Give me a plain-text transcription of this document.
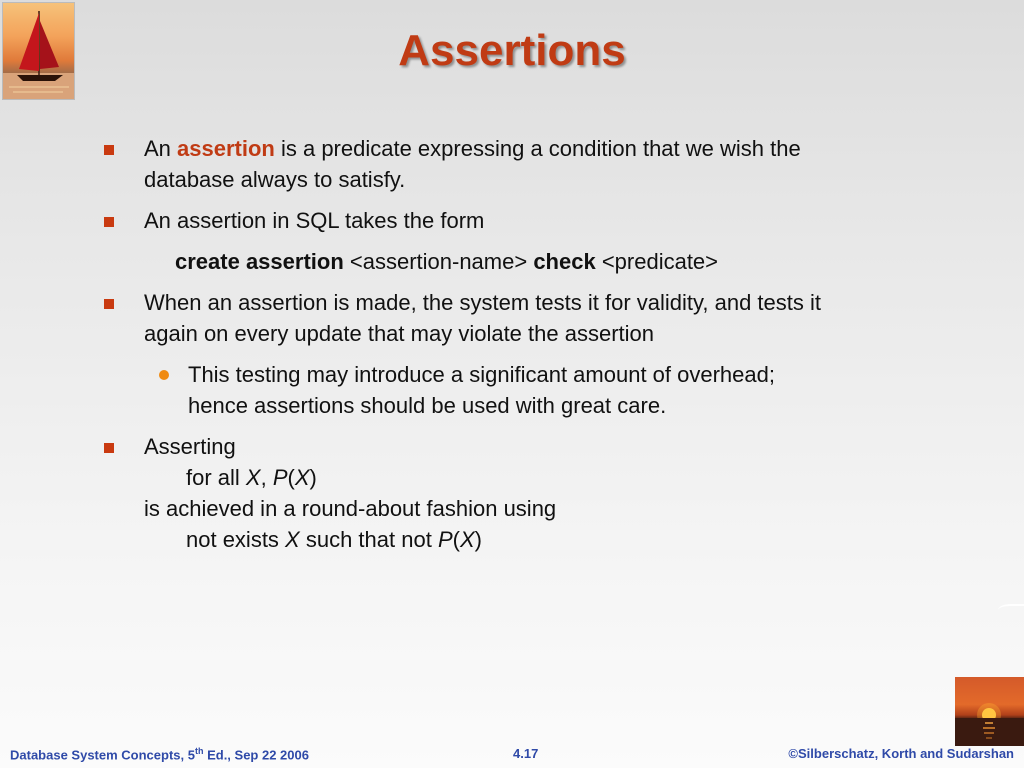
Assertions
An assertion is a predicate expressing a condition that we wish the
database always to satisfy.
An assertion in SQL takes the form
create assertion <assertion-name> check <predicate>
When an assertion is made, the system tests it for validity, and tests it
again on every update that may violate the assertion
This testing may introduce a significant amount of overhead;
hence assertions should be used with great care.
Asserting
for all X, P(X)
is achieved in a round-about fashion using
not exists X such that not P(X)
Database System Concepts, 5th Ed., Sep 22 2006	4.17	©Silberschatz, Korth and Sudarshan
